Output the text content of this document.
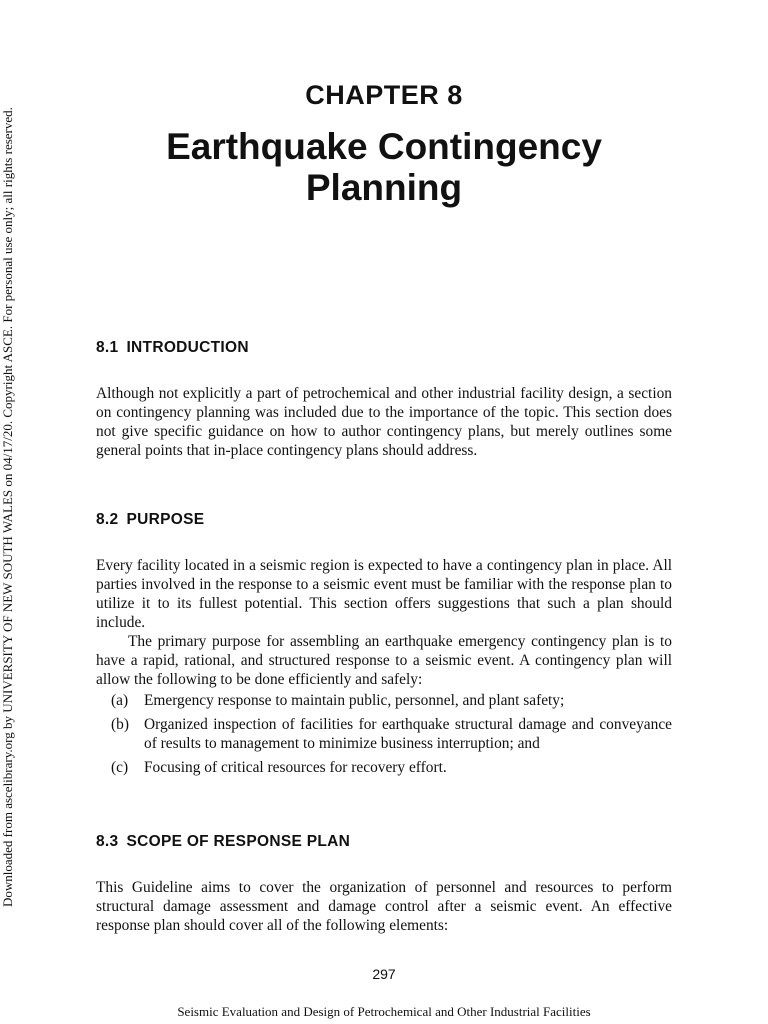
Downloaded from ascelibrary.org by UNIVERSITY OF NEW SOUTH WALES on 04/17/20. Copyright ASCE. For personal use only; all rights reserved.
CHAPTER 8
Earthquake Contingency
Planning
8.1 INTRODUCTION

Although not explicitly a part of petrochemical and other industrial facility design, a section on contingency planning was included due to the importance of the topic. This section does not give specific guidance on how to author contingency plans, but merely outlines some general points that in-place contingency plans should address.

8.2 PURPOSE

Every facility located in a seismic region is expected to have a contingency plan in place. All parties involved in the response to a seismic event must be familiar with the response plan to utilize it to its fullest potential. This section offers suggestions that such a plan should include.

The primary purpose for assembling an earthquake emergency contingency plan is to have a rapid, rational, and structured response to a seismic event. A contingency plan will allow the following to be done efficiently and safely:

(a)	Emergency response to maintain public, personnel, and plant safety;
(b) Organized inspection of facilities for earthquake structural damage and conveyance of results to management to minimize business interruption; and
(c)	Focusing of critical resources for recovery effort.
8.3 SCOPE OF RESPONSE PLAN

This Guideline aims to cover the organization of personnel and resources to perform structural damage assessment and damage control after a seismic event. An effective response plan should cover all of the following elements:

297
Seismic Evaluation and Design of Petrochemical and Other Industrial Facilities
